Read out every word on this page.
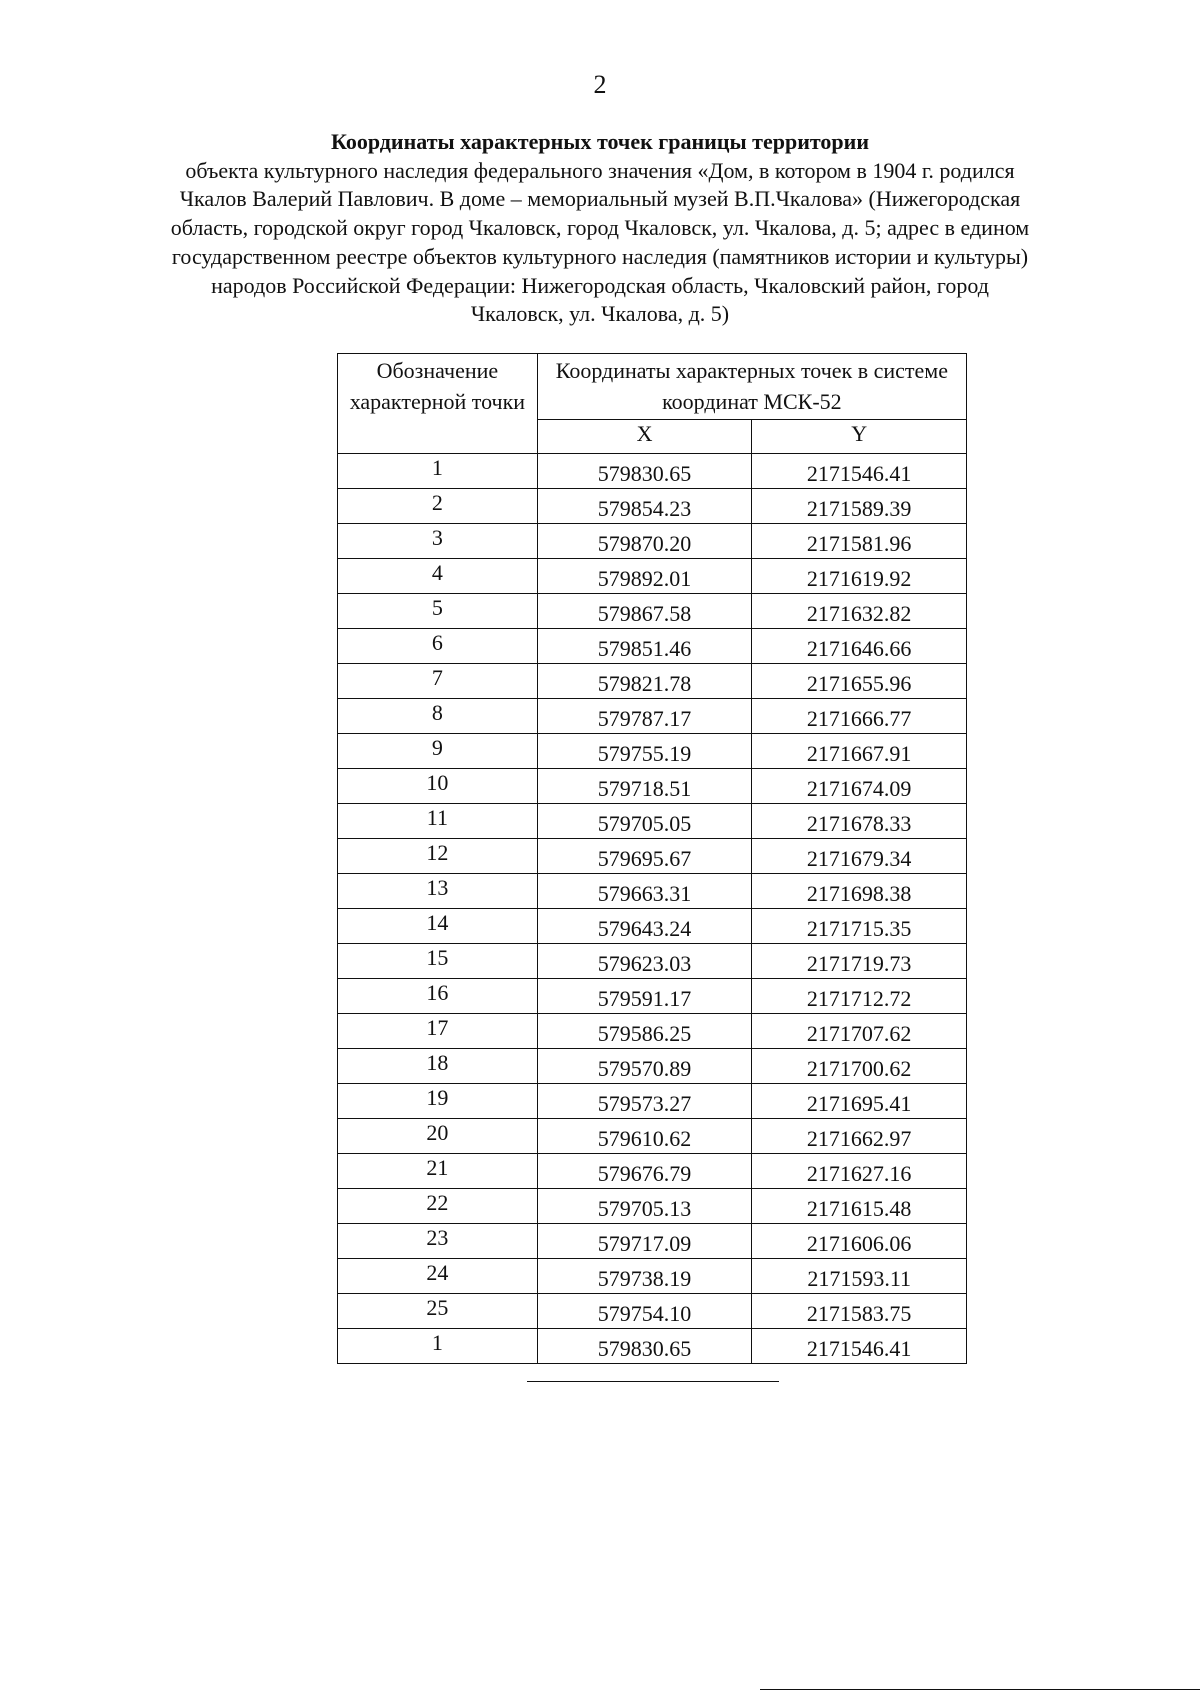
2
Координаты характерных точек границы территории
объекта культурного наследия федерального значения «Дом, в котором в 1904 г. родился Чкалов Валерий Павлович. В доме – мемориальный музей В.П.Чкалова» (Нижегородская область, городской округ город Чкаловск, город Чкаловск, ул. Чкалова, д. 5; адрес в едином государственном реестре объектов культурного наследия (памятников истории и культуры) народов Российской Федерации: Нижегородская область, Чкаловский район, город Чкаловск, ул. Чкалова, д. 5)
Обозначение характерной точки	Координаты характерных точек в системе координат МСК-52	
	X	Y
1	579830.65	2171546.41
2	579854.23	2171589.39
3	579870.20	2171581.96
4	579892.01	2171619.92
5	579867.58	2171632.82
6	579851.46	2171646.66
7	579821.78	2171655.96
8	579787.17	2171666.77
9	579755.19	2171667.91
10	579718.51	2171674.09
11	579705.05	2171678.33
12	579695.67	2171679.34
13	579663.31	2171698.38
14	579643.24	2171715.35
15	579623.03	2171719.73
16	579591.17	2171712.72
17	579586.25	2171707.62
18	579570.89	2171700.62
19	579573.27	2171695.41
20	579610.62	2171662.97
21	579676.79	2171627.16
22	579705.13	2171615.48
23	579717.09	2171606.06
24	579738.19	2171593.11
25	579754.10	2171583.75
1	579830.65	2171546.41
